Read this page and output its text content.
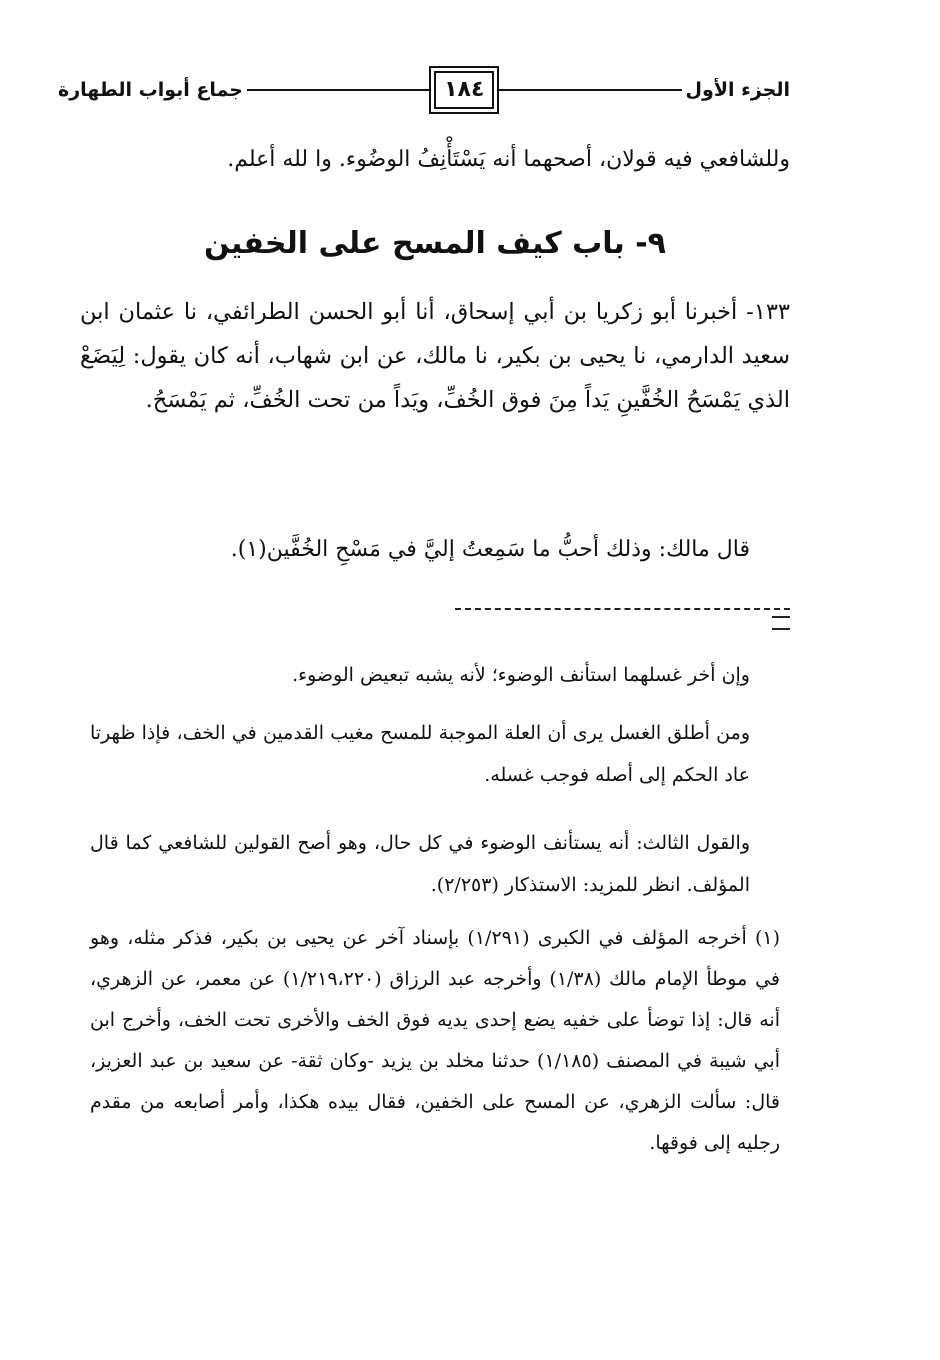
الجزء الأول
١٨٤
جماع أبواب الطهارة

وللشافعي فيه قولان، أصحهما أنه يَسْتَأْنِفُ الوضُوء. وا لله أعلم.

٩- باب كيف المسح على الخفين

١٣٣- أخبرنا أبو زكريا بن أبي إسحاق، أنا أبو الحسن الطرائفي، نا عثمان ابن سعيد الدارمي، نا يحيى بن بكير، نا مالك، عن ابن شهاب، أنه كان يقول: لِيَضَعْ الذي يَمْسَحُ الخُفَّينِ يَداً مِنَ فوق الخُفِّ، ويَداً من تحت الخُفِّ، ثم يَمْسَحُ.

قال مالك: وذلك أحبُّ ما سَمِعتُ إليَّ في مَسْحِ الخُفَّين(١).

وإن أخر غسلهما استأنف الوضوء؛ لأنه يشبه تبعيض الوضوء.

ومن أطلق الغسل يرى أن العلة الموجبة للمسح مغيب القدمين في الخف، فإذا ظهرتا عاد الحكم إلى أصله فوجب غسله.

والقول الثالث: أنه يستأنف الوضوء في كل حال، وهو أصح القولين للشافعي كما قال المؤلف. انظر للمزيد: الاستذكار (٢/٢٥٣).

(١) أخرجه المؤلف في الكبرى (١/٢٩١) بإسناد آخر عن يحيى بن بكير، فذكر مثله، وهو في موطأ الإمام مالك (١/٣٨) وأخرجه عبد الرزاق (١/٢١٩،٢٢٠) عن معمر، عن الزهري، أنه قال: إذا توضأ على خفيه يضع إحدى يديه فوق الخف والأخرى تحت الخف، وأخرج ابن أبي شيبة في المصنف (١/١٨٥) حدثنا مخلد بن يزيد -وكان ثقة- عن سعيد بن عبد العزيز، قال: سألت الزهري، عن المسح على الخفين، فقال بيده هكذا، وأمر أصابعه من مقدم رجليه إلى فوقها.
